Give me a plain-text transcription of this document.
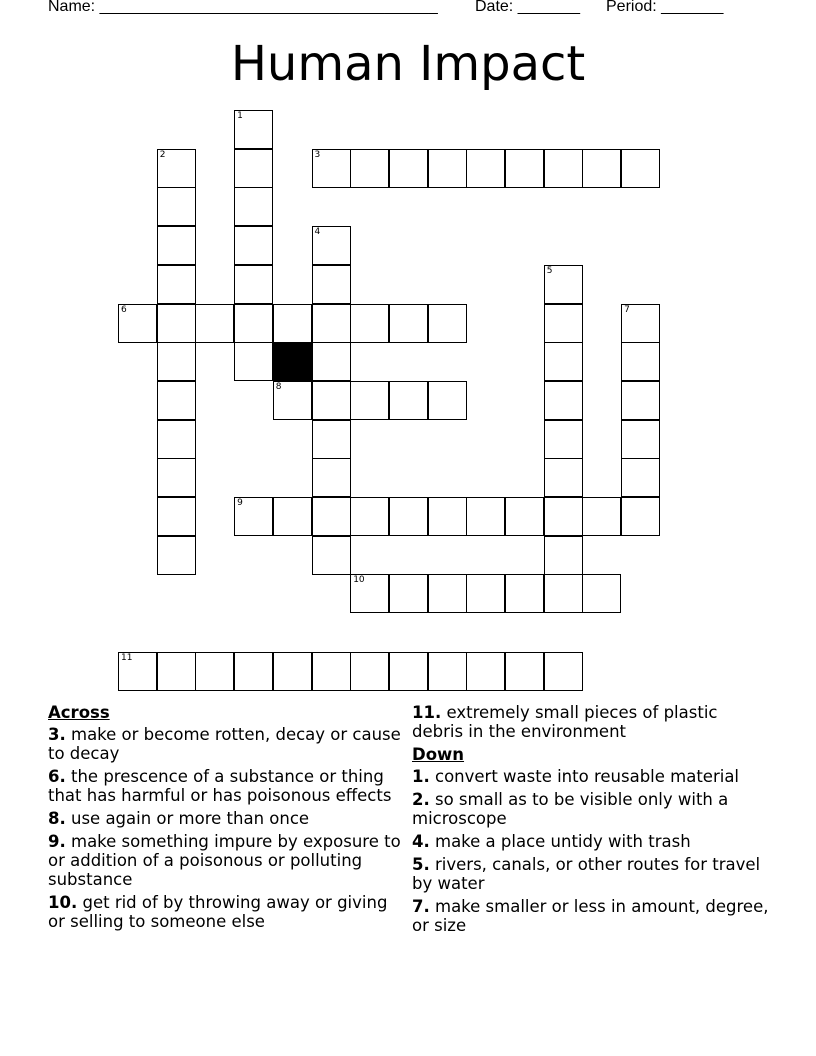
Name: ______________________________________ Date: _______ Period: _______
Human Impact
1
2	3
4
5
6	7
8
9
10
11
Across
3. make or become rotten, decay or cause to decay
6. the prescence of a substance or thing that has harmful or has poisonous effects
8. use again or more than once
9. make something impure by exposure to or addition of a poisonous or polluting substance
10. get rid of by throwing away or giving or selling to someone else
11. extremely small pieces of plastic debris in the environment
Down
1. convert waste into reusable material
2. so small as to be visible only with a microscope
4. make a place untidy with trash
5. rivers, canals, or other routes for travel by water
7. make smaller or less in amount, degree, or size
